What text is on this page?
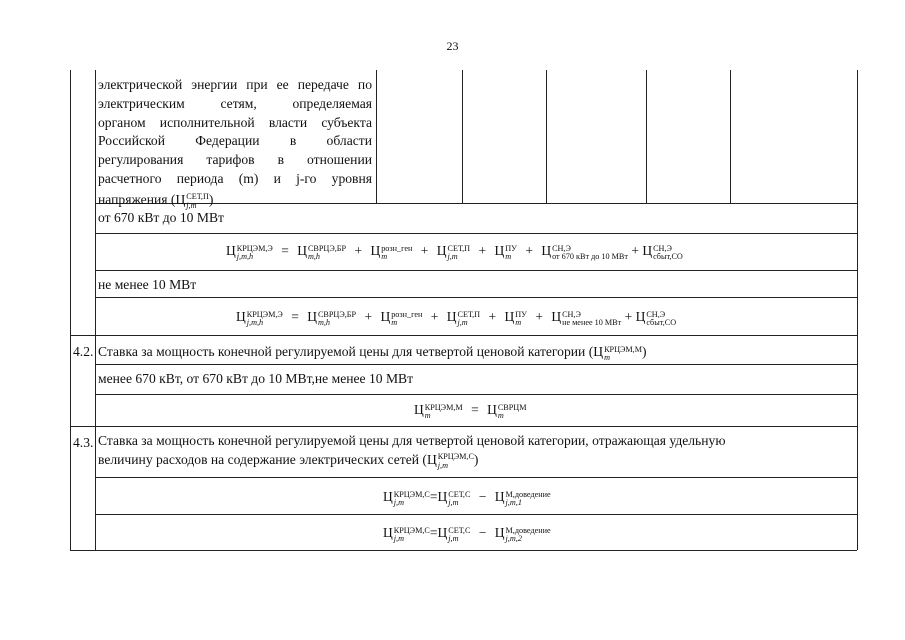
23
электрической энергии при ее передаче по
электрическим сетям, определяемая
органом исполнительной власти субъекта
Российской Федерации в области
регулирования тарифов в отношении
расчетного периода (m) и j-го уровня
напряжения (Ц СЕТ,П
j,m )
от 670 кВт до 10 МВт
Ц КРЦЭМ,Э
j,m,h	= Ц СВРЦЭ,БР
m,h	+ Ц розн_ген
m	+ Ц СЕТ,П
j,m	+ Ц ПУ
m	+ Ц СН,Э
от 670 кВт до 10 МВт + Ц СН,Э
сбыт,СО
не менее 10 МВт
Ц КРЦЭМ,Э
j,m,h	= Ц СВРЦЭ,БР
m,h	+ Ц розн_ген
m	+ Ц СЕТ,П
j,m	+ Ц ПУ
m	+ Ц СН,Э
не менее 10 МВт + Ц СН,Э
сбыт,СО
4.2. Ставка за мощность конечной регулируемой цены для четвертой ценовой категории (Ц КРЦЭМ,М
m	)
менее 670 кВт, от 670 кВт до 10 МВт,не менее 10 МВт
Ц КРЦЭМ,М
m	= Ц СВРЦМ
m
4.3. Ставка за мощность конечной регулируемой цены для четвертой ценовой категории, отражающая удельную
величину расходов на содержание электрических сетей (Ц КРЦЭМ,С
j,m	)
Ц КРЦЭМ,С
j,m	=Ц СЕТ,С
j,m	− Ц М,доведение
j,m,1
Ц КРЦЭМ,С
j,m	=Ц СЕТ,С
j,m	− Ц М,доведение
j,m,2
